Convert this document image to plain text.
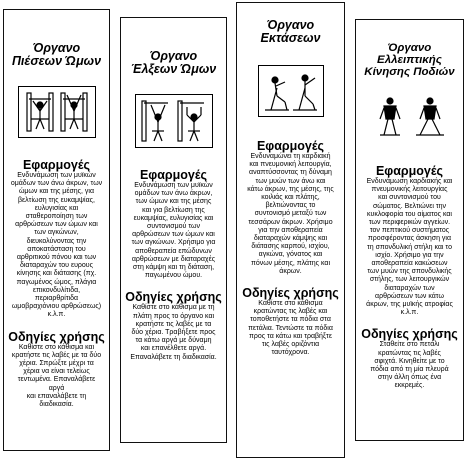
Όργανο
Πιέσεων Ώμων
Εφαρμογές
Ενδυνάμωση των μυϊκών
ομάδων των άνω άκρων, των
ώμων και της μέσης, για
βελτίωση της ευκαμψίας,
ευλυγισίας και
σταθεροποίηση των
αρθρώσεων των ώμων και
των αγκώνων,
διευκολύνοντας την
αποκατάσταση του
αρθριτικού πόνου και των
διαταραχών του ευρους
κίνησης και διάτασης (πχ.
παγωμένος ώμος, πλάγια
επικονδυλίτιδα,
περιαρθρίτιδα
ωμοβραχιόνιου αρθρώσεως)
κ.λ.π.
Οδηγίες χρήσης
Καθίστε στο κάθισμα και
κρατήστε τις λαβές με τα δύο
χέρια. Σπρώξτε μέχρι τα
χέρια να είναι τελείως
τεντωμένα. Επαναλάβετε αργά
και επαναλάβετε τη
διαδικασία.
Όργανο
Έλξεων Ώμων
Εφαρμογές
Ενδυνάμωση των μυϊκών
ομάδων των άνω άκρων,
των ώμων και της μέσης
και για βελτίωση της
ευκαμψίας, ευλυγισίας και
συντονισμού των
αρθρώσεων των ώμων και
των αγκώνων. Χρήσιμο για
αποθεραπεία επώδυνων
αρθρώσεων με διαταραχές
στη κάμψη και τη διάταση,
παγωμένου ώμου.
Οδηγίες χρήσης
Καθίστε στο κάθισμα με τη
πλάτη προς το όργανο και
κρατήστε τις λαβές με τα
δύο χέρια. Τραβήξετε προς
τα κάτω αργά με δύναμη
και επανέλθετε αργά.
Επαναλάβετε τη διαδικασία.
Όργανο
Εκτάσεων
Εφαρμογές
Ενδυναμώνει τη καρδιακή
και πνευμονική λειτουργία,
αναπτύσσοντας τη δύναμη
των μυών των άνω και
κάτω άκρων, της μέσης, της
κοιλιάς και πλάτης,
βελτιώνοντας το
συντονισμό μεταξύ των
τεσσάρων άκρων. Χρήσιμο
για την αποθεραπεία
διαταραχών κάμψης και
διάτασης καρπού, ισχίου,
αγκώνα, γόνατος και
πόνων μέσης, πλάτης και
άκρων.
Οδηγίες χρήσης
Καθίστε στο κάθισμα
κρατώντας τις λαβές και
τοποθετήστε τα πόδια στα
πετάλια. Τεντώστε τα πόδια
προς τα κάτω και τραβήξτε
τις λαβές οριζόντια
ταυτόχρονα.
Όργανο
Ελλειπτικής
Κίνησης Ποδιών
Εφαρμογές
Ενδυνάμωση καρδιακής και
πνευμονικής λειτουργίας
και συντονισμού του
σώματος. Βελτιώνει την
κυκλοφορία του αίματος και
των περιφερικών αγγείων.
τον πεπτικού συστήματος
προσφέροντας άσκηση για
τη σπονδυλική στήλη και το
ισχίο. Χρήσιμο για την
αποθεραπεία κακώσεων
των μυών της σπονδυλικής
στήλης, των λειτουργικών
διαταραχών των
αρθρώσεων των κάτω
άκρων, της μυϊκής ατροφίας
κ.λ.π.
Οδηγίες χρήσης
Σταθείτε στο πετάλι
κρατώντας τις λαβές
σφιχτά. Κινηθείτε με το
πόδια από τη μία πλευρά
στην άλλη όπως ένα
εκκρεμές.
